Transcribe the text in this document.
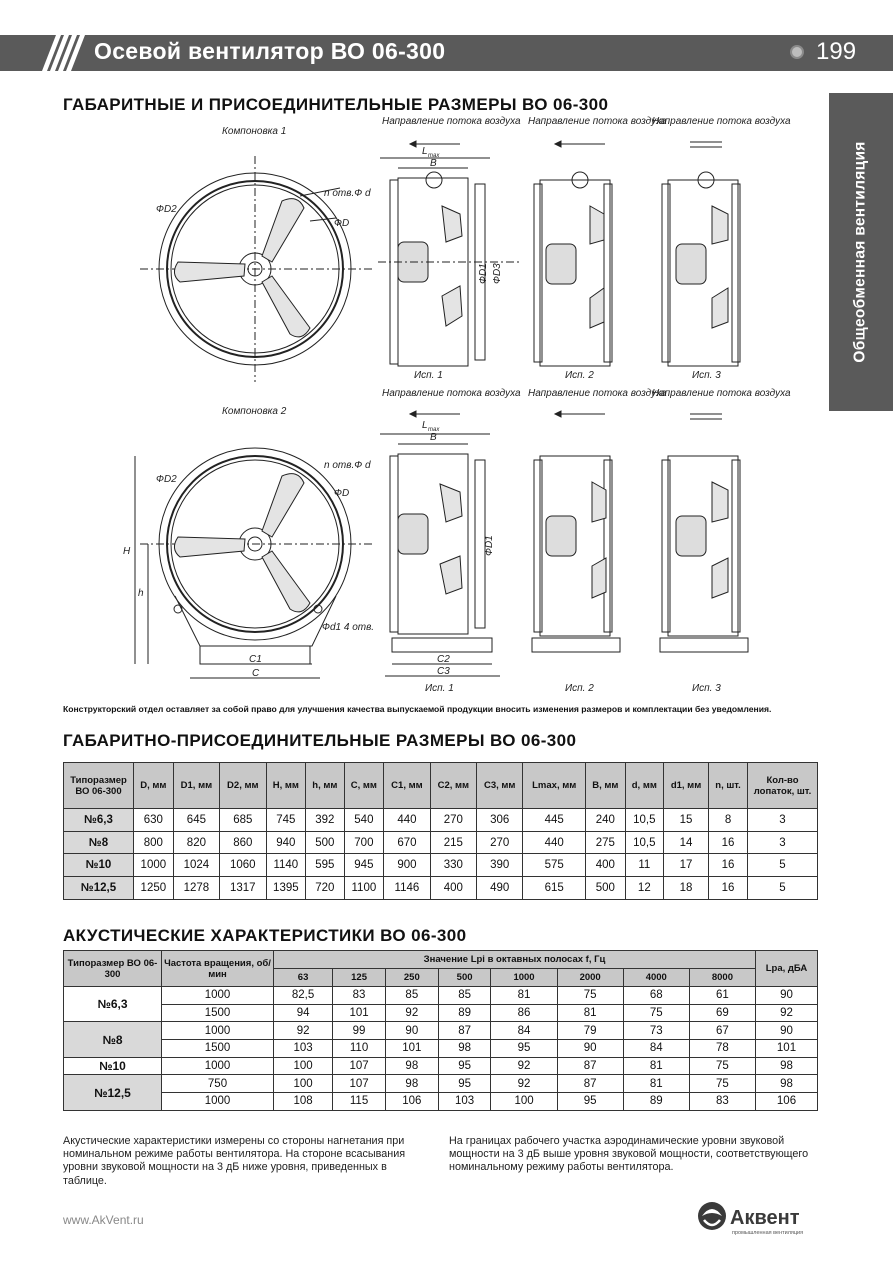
Осевой вентилятор ВО 06-300	199
Общеобменная вентиляция
ГАБАРИТНЫЕ И ПРИСОЕДИНИТЕЛЬНЫЕ РАЗМЕРЫ ВО 06-300
Компоновка 1
Компоновка 2
Направление потока воздуха Направление потока воздуха
Направление потока воздуха
Направление потока воздуха Направление потока воздуха
Направление потока воздуха
Исп. 1	Исп. 2	Исп. 3
Исп. 1	Исп. 2	Исп. 3
ФD2
ФD
n отв.Ф d
ФD2
ФD
n отв.Ф d
Фd1 4 отв.
H
h
C1
C
C2
C3
B
L max
B
L max
ФD1 ФD3
ФD1
Конструкторский отдел оставляет за собой право для улучшения качества выпускаемой продукции вносить изменения размеров и комплектации без уведомления.
ГАБАРИТНО-ПРИСОЕДИНИТЕЛЬНЫЕ РАЗМЕРЫ ВО 06-300
Типоразмер ВО 06-300	D, мм	D1, мм	D2, мм	H, мм	h, мм	C, мм	C1, мм	C2, мм	C3, мм	Lmax, мм	B, мм	d, мм	d1, мм	n, шт.	Кол-во лопаток, шт.
№6,3	630	645	685	745	392	540	440	270	306	445	240	10,5	15	8	3
№8	800	820	860	940	500	700	670	215	270	440	275	10,5	14	16	3
№10	1000	1024	1060	1140	595	945	900	330	390	575	400	11	17	16	5
№12,5	1250	1278	1317	1395	720	1100	1146	400	490	615	500	12	18	16	5
АКУСТИЧЕСКИЕ ХАРАКТЕРИСТИКИ ВО 06-300
Типоразмер ВО 06-300	Частота вращения, об/мин	Значение Lpi в октавных полосах f, Гц								Lpa, дБА
		63	125	250	500	1000	2000	4000	8000	
№6,3	1000	82,5	83	85	85	81	75	68	61	90
	1500	94	101	92	89	86	81	75	69	92
№8	1000	92	99	90	87	84	79	73	67	90
	1500	103	110	101	98	95	90	84	78	101
№10	1000	100	107	98	95	92	87	81	75	98
№12,5	750	100	107	98	95	92	87	81	75	98
	1000	108	115	106	103	100	95	89	83	106
Акустические характеристики измерены со стороны нагнетания при номинальном режиме работы вентилятора. На стороне всасывания уровни звуковой мощности на 3 дБ ниже уровня, приведенных в таблице.
На границах рабочего участка аэродинамические уровни звуковой мощности на 3 дБ выше уровня звуковой мощности, соответствующего номинальному режиму работы вентилятора.
www.AkVent.ru	Аквент
промышленная вентиляция
